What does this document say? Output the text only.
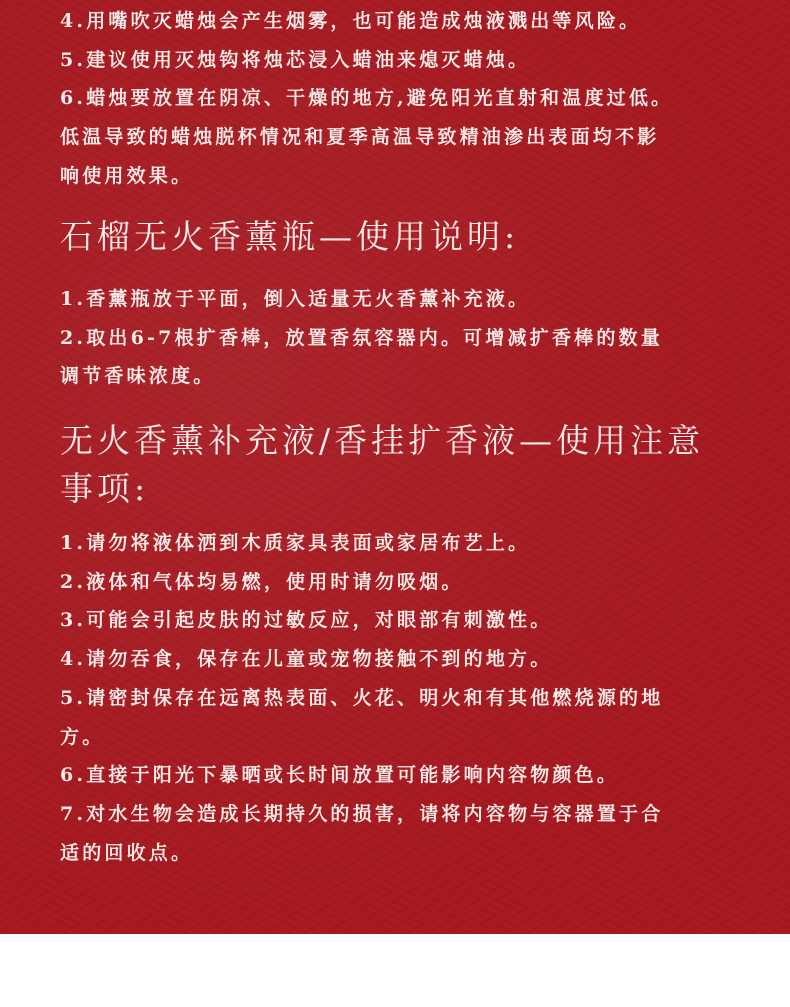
4.用嘴吹灭蜡烛会产生烟雾，也可能造成烛液溅出等风险。
5.建议使用灭烛钩将烛芯浸入蜡油来熄灭蜡烛。
6.蜡烛要放置在阴凉、干燥的地方,避免阳光直射和温度过低。
低温导致的蜡烛脱杯情况和夏季高温导致精油渗出表面均不影
响使用效果。
石榴无火香薰瓶—使用说明:
1.香薰瓶放于平面，倒入适量无火香薰补充液。
2.取出6-7根扩香棒，放置香氛容器内。可增减扩香棒的数量
调节香味浓度。
无火香薰补充液/香挂扩香液—使用注意
事项:
1.请勿将液体洒到木质家具表面或家居布艺上。
2.液体和气体均易燃，使用时请勿吸烟。
3.可能会引起皮肤的过敏反应，对眼部有刺激性。
4.请勿吞食，保存在儿童或宠物接触不到的地方。
5.请密封保存在远离热表面、火花、明火和有其他燃烧源的地
方。
6.直接于阳光下暴晒或长时间放置可能影响内容物颜色。
7.对水生物会造成长期持久的损害，请将内容物与容器置于合
适的回收点。
